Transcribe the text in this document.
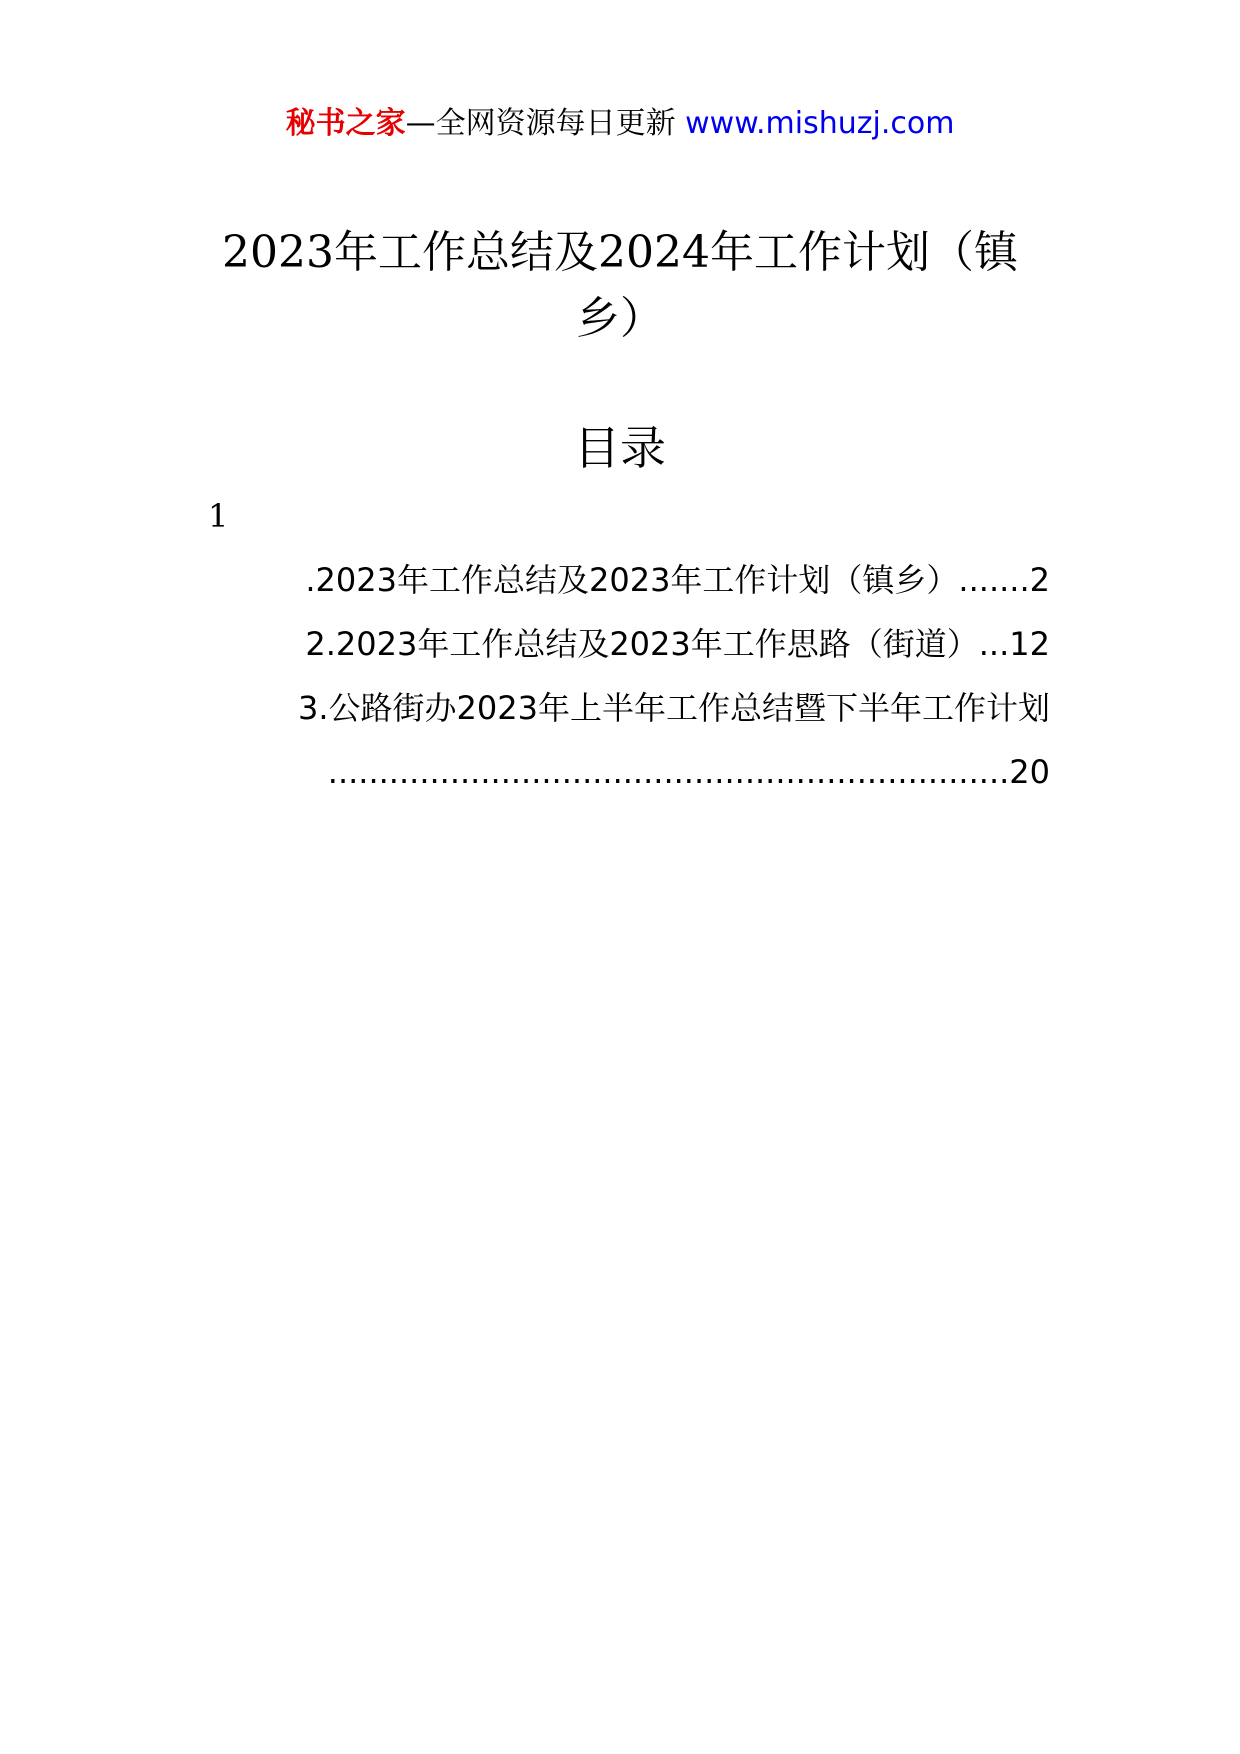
秘书之家—全网资源每日更新 www.mishuzj.com
2023年工作总结及2024年工作计划（镇乡）
目录
1
.2023年工作总结及2023年工作计划（镇乡）.......2
2.2023年工作总结及2023年工作思路（街道）...12
3.公路街办2023年上半年工作总结暨下半年工作计划
...................................................................20
